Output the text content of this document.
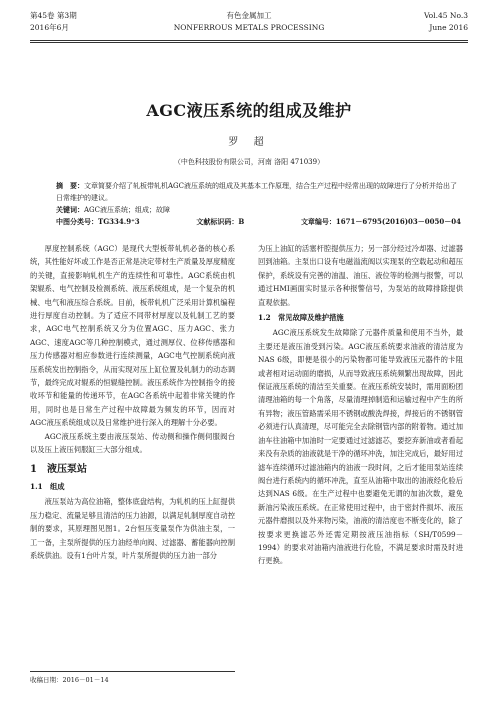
第45卷 第3期
2016年6月
有色金属加工
NONFERROUS METALS PROCESSING
Vol.45 No.3
June 2016
AGC液压系统的组成及维护
罗 超
（中色科技股份有限公司，河南 洛阳 471039）
摘　要：文章简要介绍了轧板带轧机AGC液压系统的组成及其基本工作原理，结合生产过程中经常出现的故障进行了分析并给出了日常维护的建议。
关键词：AGC液压系统；组成；故障
中图分类号：TG334.9⁺3	文献标识码：B	文章编号：1671－6795(2016)03－0050－04

厚度控制系统（AGC）是现代大型板带轧机必备的核心系统，其性能好坏或工作是否正常是决定带材生产质量及厚度精度的关键，直接影响轧机生产的连续性和可靠性。AGC系统由机架辊系、电气控制及检测系统、液压系统组成，是一个复杂的机械、电气和液压综合系统。目前，板带轧机广泛采用计算机编程进行厚度自动控制。为了适应不同带材厚度以及轧制工艺的要求，AGC电气控制系统又分为位置AGC、压力AGC、张力AGC、速度AGC等几种控制模式，通过测厚仪、位移传感器和压力传感器对相应参数进行连续测量，AGC电气控制系统向液压系统发出控制指令，从而实现对压上缸位置及轧制力的动态调节，最终完成对辊系的恒辊缝控制。液压系统作为控制指令的接收环节和能量的传递环节，在AGC各系统中起着非常关键的作用，同时也是日常生产过程中故障最为频发的环节，因而对AGC液压系统组成以及日常维护进行深入的理解十分必要。

AGC液压系统主要由液压泵站、传动侧和操作侧伺服阀台以及压上液压伺服缸三大部分组成。

1　液压泵站
1.1　组成

液压泵站为高位油箱，整体底盘结构，为轧机的压上缸提供压力稳定、流量足够且清洁的压力油源，以满足轧制厚度自动控制的要求，其原理图见图1。2台恒压变量泵作为供油主泵，一工一备，主泵所提供的压力油经单向阀、过滤器、蓄能器向控制系统供油。设有1台叶片泵，叶片泵所提供的压力油一部分

为压上油缸的活塞杆腔提供压力；另一部分经过冷却器、过滤器回到油箱。主泵出口设有电磁溢流阀以实现泵的空载起动和超压保护，系统设有完善的油温、油压、液位等的检测与报警，可以通过HMI画面实时显示各种报警信号，为泵站的故障排除提供直观依据。

1.2　常见故障及维护措施

AGC液压系统发生故障除了元器件质量和使用不当外，最主要还是液压油受到污染。AGC液压系统要求油液的清洁度为NAS 6级，即便是很小的污染物都可能导致液压元器件的卡阻或者相对运动面的磨损，从而导致液压系统频繁出现故障，因此保证液压系统的清洁至关重要。在液压系统安装时，需用面粉团清理油箱的每一个角落，尽量清理掉制造和运输过程中产生的所有异物；液压管路需采用不锈钢或酸洗焊接，焊接后的不锈钢管必须进行认真清理，尽可能完全去除钢管内部的附着物。通过加油车往油箱中加油时一定要通过过滤滤芯，要挖弃新油或者看起来没有杂质的油液就是干净的循环冲洗，加注完成后，最好用过滤车连续循环过滤油箱内的油液一段时间，之后才能用泵站连续阀台进行系统内的循环冲洗，直至从油箱中取出的油液经化验后达到NAS 6级。在生产过程中也要避免无谓的加油次数，避免新油污染液压系统。在正常使用过程中，由于密封件损坏、液压元器件磨损以及外来物污染，油液的清洁度也不断变化的，除了按要求更换滤芯外还需定期按液压油指标（SH/T0599－1994）的要求对油箱内油液进行化验，不满足要求时需及时进行更换。

收稿日期：2016－01－14
